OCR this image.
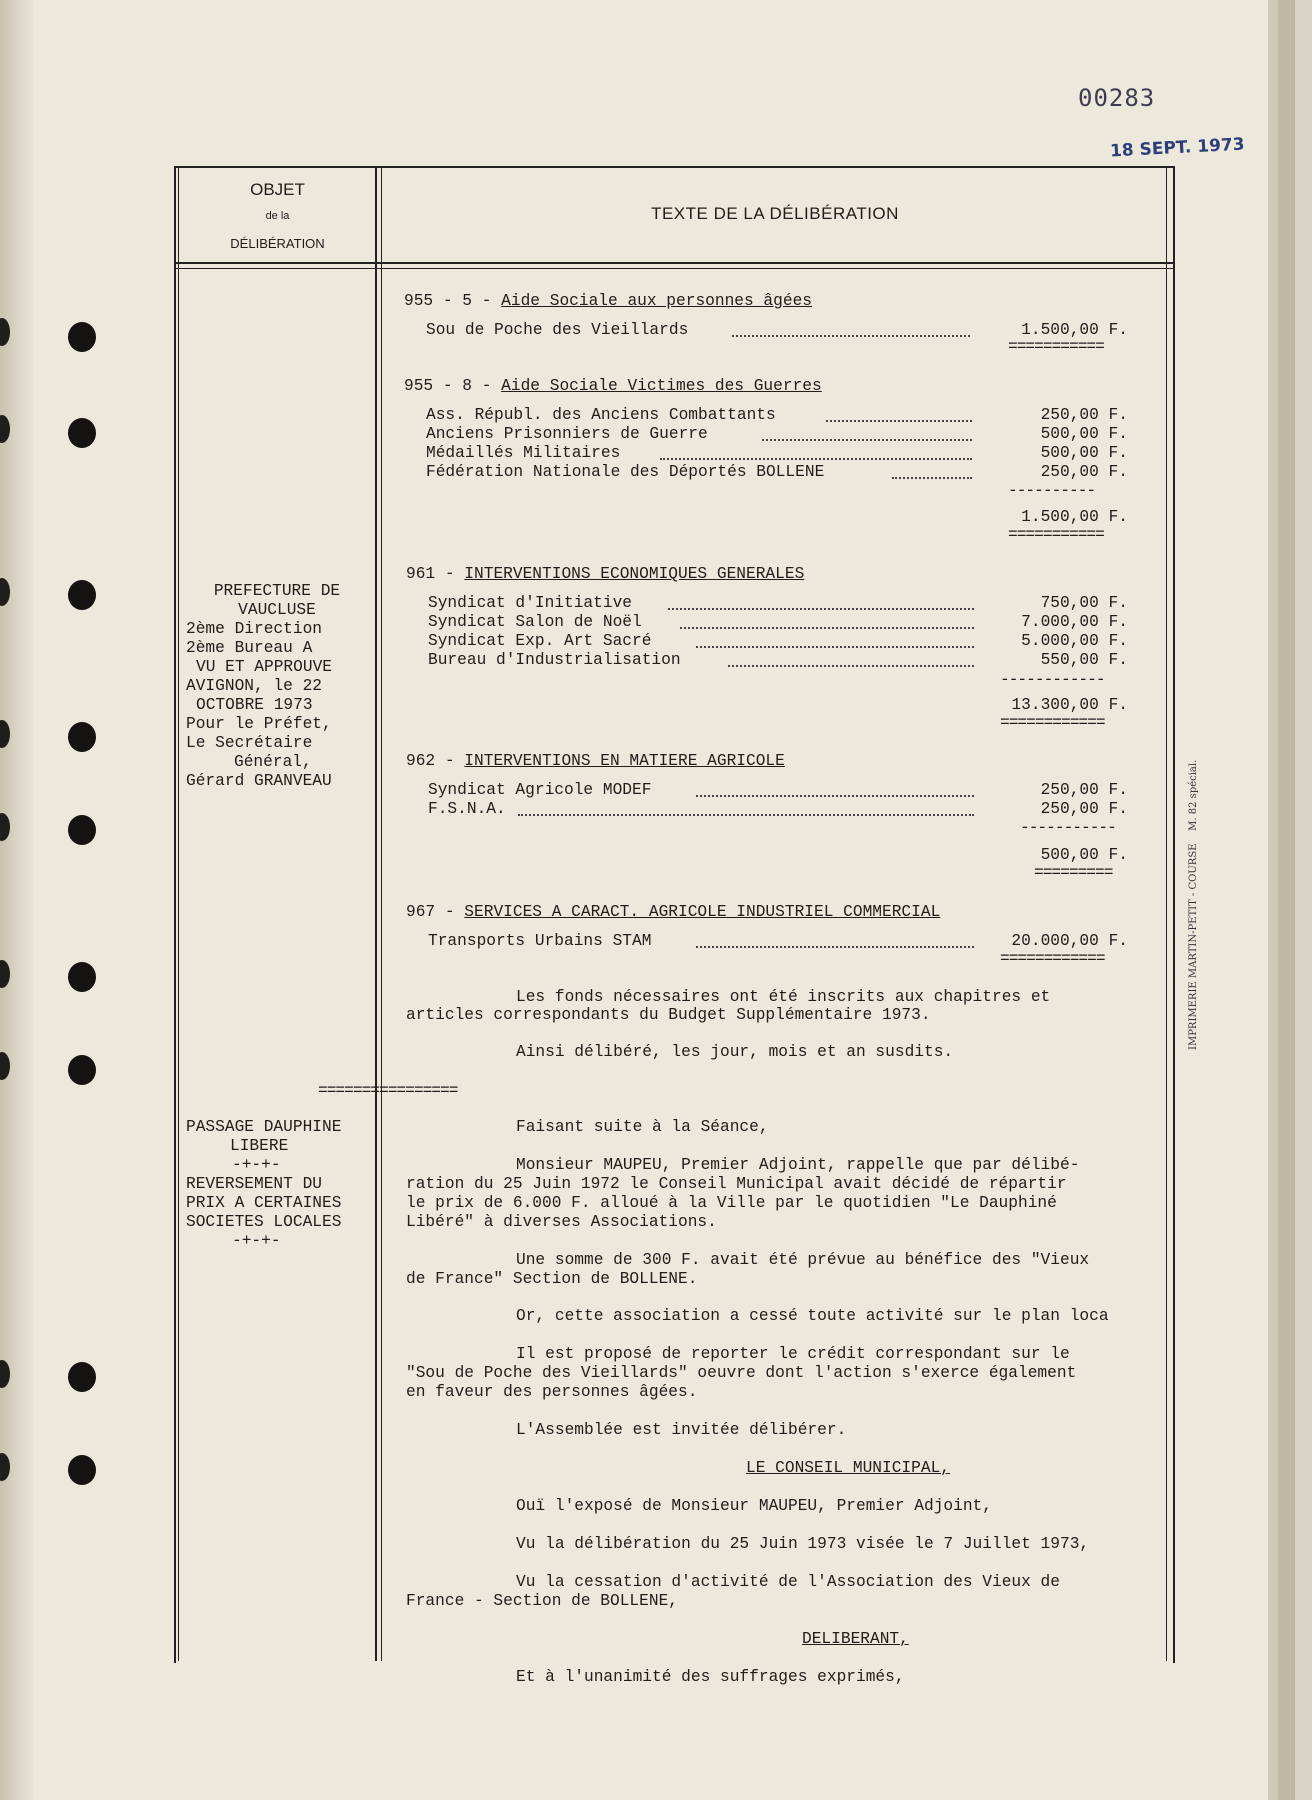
00283
18 SEPT. 1973
OBJET
de la
DÉLIBÉRATION
TEXTE DE LA DÉLIBÉRATION
955 - 5 - Aide Sociale aux personnes âgées
Sou de Poche des Vieillards	1.500,00 F.
===========
955 - 8 - Aide Sociale Victimes des Guerres
Ass. Républ. des Anciens Combattants	250,00 F.
Anciens Prisonniers de Guerre	500,00 F.
Médaillés Militaires	500,00 F.
Fédération Nationale des Déportés BOLLENE	250,00 F.
----------
1.500,00 F.
===========
961 - INTERVENTIONS ECONOMIQUES GENERALES
Syndicat d'Initiative	750,00 F.
Syndicat Salon de Noël	7.000,00 F.
Syndicat Exp. Art Sacré	5.000,00 F.
Bureau d'Industrialisation	550,00 F.
------------
13.300,00 F.
============
962 - INTERVENTIONS EN MATIERE AGRICOLE
Syndicat Agricole MODEF	250,00 F.
F.S.N.A.	250,00 F.
-----------
500,00 F.
=========
967 - SERVICES A CARACT. AGRICOLE INDUSTRIEL COMMERCIAL
Transports Urbains STAM	20.000,00 F.
============
PREFECTURE DE
VAUCLUSE
2ème Direction
2ème Bureau A
VU ET APPROUVE
AVIGNON, le 22
OCTOBRE 1973
Pour le Préfet,
Le Secrétaire
Général,
Gérard GRANVEAU
Les fonds nécessaires ont été inscrits aux chapitres et
articles correspondants du Budget Supplémentaire 1973.
Ainsi délibéré, les jour, mois et an susdits.
================
PASSAGE DAUPHINE
LIBERE
-+-+-
REVERSEMENT DU
PRIX A CERTAINES
SOCIETES LOCALES
-+-+-
Faisant suite à la Séance,
Monsieur MAUPEU, Premier Adjoint, rappelle que par délibé-
ration du 25 Juin 1972 le Conseil Municipal avait décidé de répartir
le prix de 6.000 F. alloué à la Ville par le quotidien "Le Dauphiné
Libéré" à diverses Associations.
Une somme de 300 F. avait été prévue au bénéfice des "Vieux
de France" Section de BOLLENE.
Or, cette association a cessé toute activité sur le plan loca
Il est proposé de reporter le crédit correspondant sur le
"Sou de Poche des Vieillards" oeuvre dont l'action s'exerce également
en faveur des personnes âgées.
L'Assemblée est invitée délibérer.
LE CONSEIL MUNICIPAL,
Ouï l'exposé de Monsieur MAUPEU, Premier Adjoint,
Vu la délibération du 25 Juin 1973 visée le 7 Juillet 1973,
Vu la cessation d'activité de l'Association des Vieux de
France - Section de BOLLENE,
DELIBERANT,
Et à l'unanimité des suffrages exprimés,
IMPRIMERIE MARTIN-PETIT - COURSE    M. 82 spécial.
